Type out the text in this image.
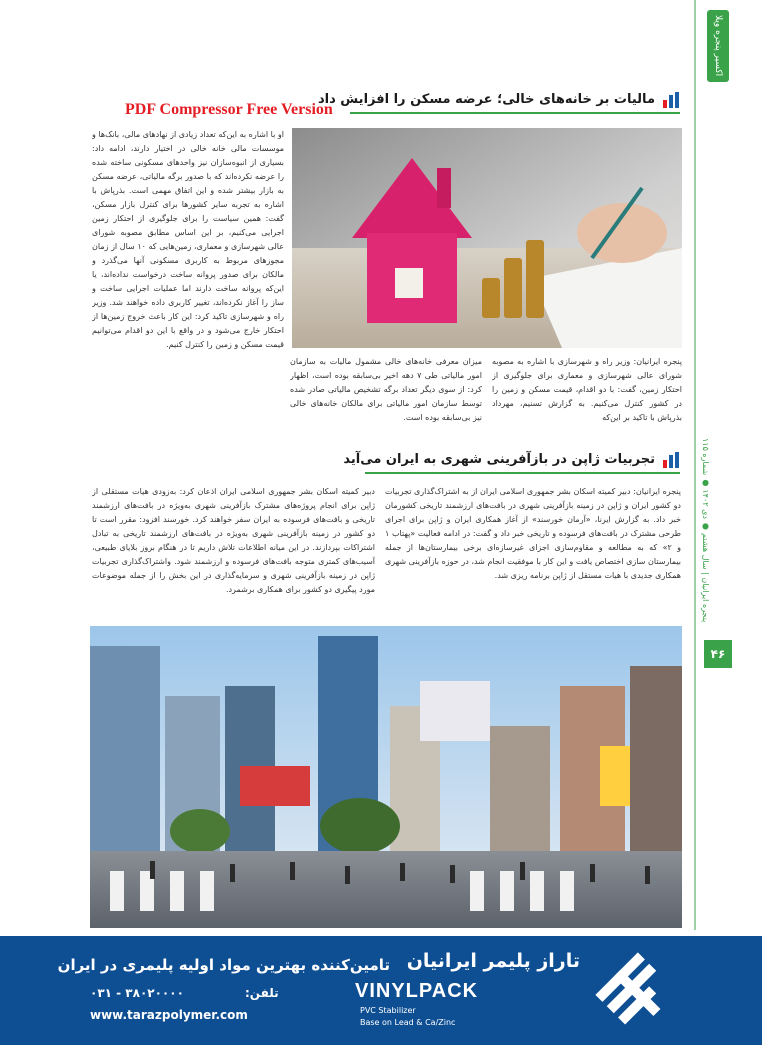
اکسیر پنجره ویلا
پنجره ایرانیان | سال هشتم ● دی ۱۴۰۲ ● شماره ۱۱۵
۴۶
مالیات بر خانه‌های خالی؛ عرضه مسکن را افزایش داد
PDF Compressor Free Version
او با اشاره به این‌که تعداد زیادی از نهادهای مالی، بانک‌ها و موسسات مالی خانه خالی در اختیار دارند، ادامه داد: بسیاری از انبوه‌سازان نیز واحدهای مسکونی ساخته شده را عرضه نکرده‌اند که با صدور برگه مالیاتی، عرضه مسکن به بازار بیشتر شده و این اتفاق مهمی است. بذرپاش با اشاره به تجربه سایر کشورها برای کنترل بازار مسکن، گفت: همین سیاست را برای جلوگیری از احتکار زمین اجرایی می‌کنیم، بر این اساس مطابق مصوبه شورای عالی شهرسازی و معماری، زمین‌هایی که ۱۰ سال از زمان مجوزهای مربوط به کاربری مسکونی آنها می‌گذرد و مالکان برای صدور پروانه ساخت درخواست نداده‌اند، یا این‌که پروانه ساخت دارند اما عملیات اجرایی ساخت و ساز را آغاز نکرده‌اند، تغییر کاربری داده خواهند شد. وزیر راه و شهرسازی تاکید کرد: این کار باعث خروج زمین‌ها از احتکار خارج می‌شود و در واقع با این دو اقدام می‌توانیم قیمت مسکن و زمین را کنترل کنیم.
پنجره ایرانیان: وزیر راه و شهرسازی با اشاره به مصوبه شورای عالی شهرسازی و معماری برای جلوگیری از احتکار زمین، گفت: با دو اقدام، قیمت مسکن و زمین را در کشور کنترل می‌کنیم. به گزارش تسنیم، مهرداد بذرپاش با تاکید بر این‌که
میزان معرفی خانه‌های خالی مشمول مالیات به سازمان امور مالیاتی طی ۷ دهه اخیر بی‌سابقه بوده است، اظهار کرد: از سوی دیگر تعداد برگه تشخیص مالیاتی صادر شده توسط سازمان امور مالیاتی برای مالکان خانه‌های خالی نیز بی‌سابقه بوده است.
تجربیات ژاپن در بازآفرینی شهری به ایران می‌آید
پنجره ایرانیان: دبیر کمیته اسکان بشر جمهوری اسلامی ایران از به اشتراک‌گذاری تجربیات دو کشور ایران و ژاپن در زمینه بازآفرینی شهری در بافت‌های ارزشمند تاریخی کشورمان خبر داد. به گزارش ایرنا، «آرمان خورسند» از آغاز همکاری ایران و ژاپن برای اجرای طرحی مشترک در بافت‌های فرسوده و تاریخی خبر داد و گفت: در ادامه فعالیت «پهتاب ۱ و ۲» که به مطالعه و مقاوم‌سازی اجزای غیرسازه‌ای برخی بیمارستان‌ها از جمله بیمارستان‌ سازی اختصاص یافت و این کار با موفقیت انجام شد، در حوزه بازآفرینی شهری همکاری جدیدی با هیات مستقل از ژاپن برنامه ریزی شد.
دبیر کمیته اسکان بشر جمهوری اسلامی ایران اذعان کرد: به‌زودی هیات مستقلی از ژاپن برای انجام پروژه‌های مشترک بازآفرینی شهری به‌ویژه در بافت‌های ارزشمند تاریخی و بافت‌های فرسوده به ایران سفر خواهند کرد. خورسند افزود: مقرر است تا دو کشور در زمینه بازآفرینی شهری به‌ویژه در بافت‌های ارزشمند تاریخی به تبادل اشتراکات بپردازند. در این میانه اطلاعات تلاش داریم تا در هنگام بروز بلایای طبیعی، آسیب‌های کمتری متوجه بافت‌های فرسوده و ارزشمند شود. وا‌شتراک‌گذاری تجربیات ژاپن در زمینه بازآفرینی شهری و سرمایه‌گذاری در این بخش را از جمله موضوعات مورد پیگیری دو کشور برای همکاری برشمرد.
تامین‌کننده بهترین مواد اولیه پلیمری در ایران تاراز پلیمر ایرانیان
تلفن:
۰۳۱ - ۳۸۰۲۰۰۰۰
www.tarazpolymer.com
VINYLPACK
PVC Stabilizer
Base on Lead & Ca/Zinc
